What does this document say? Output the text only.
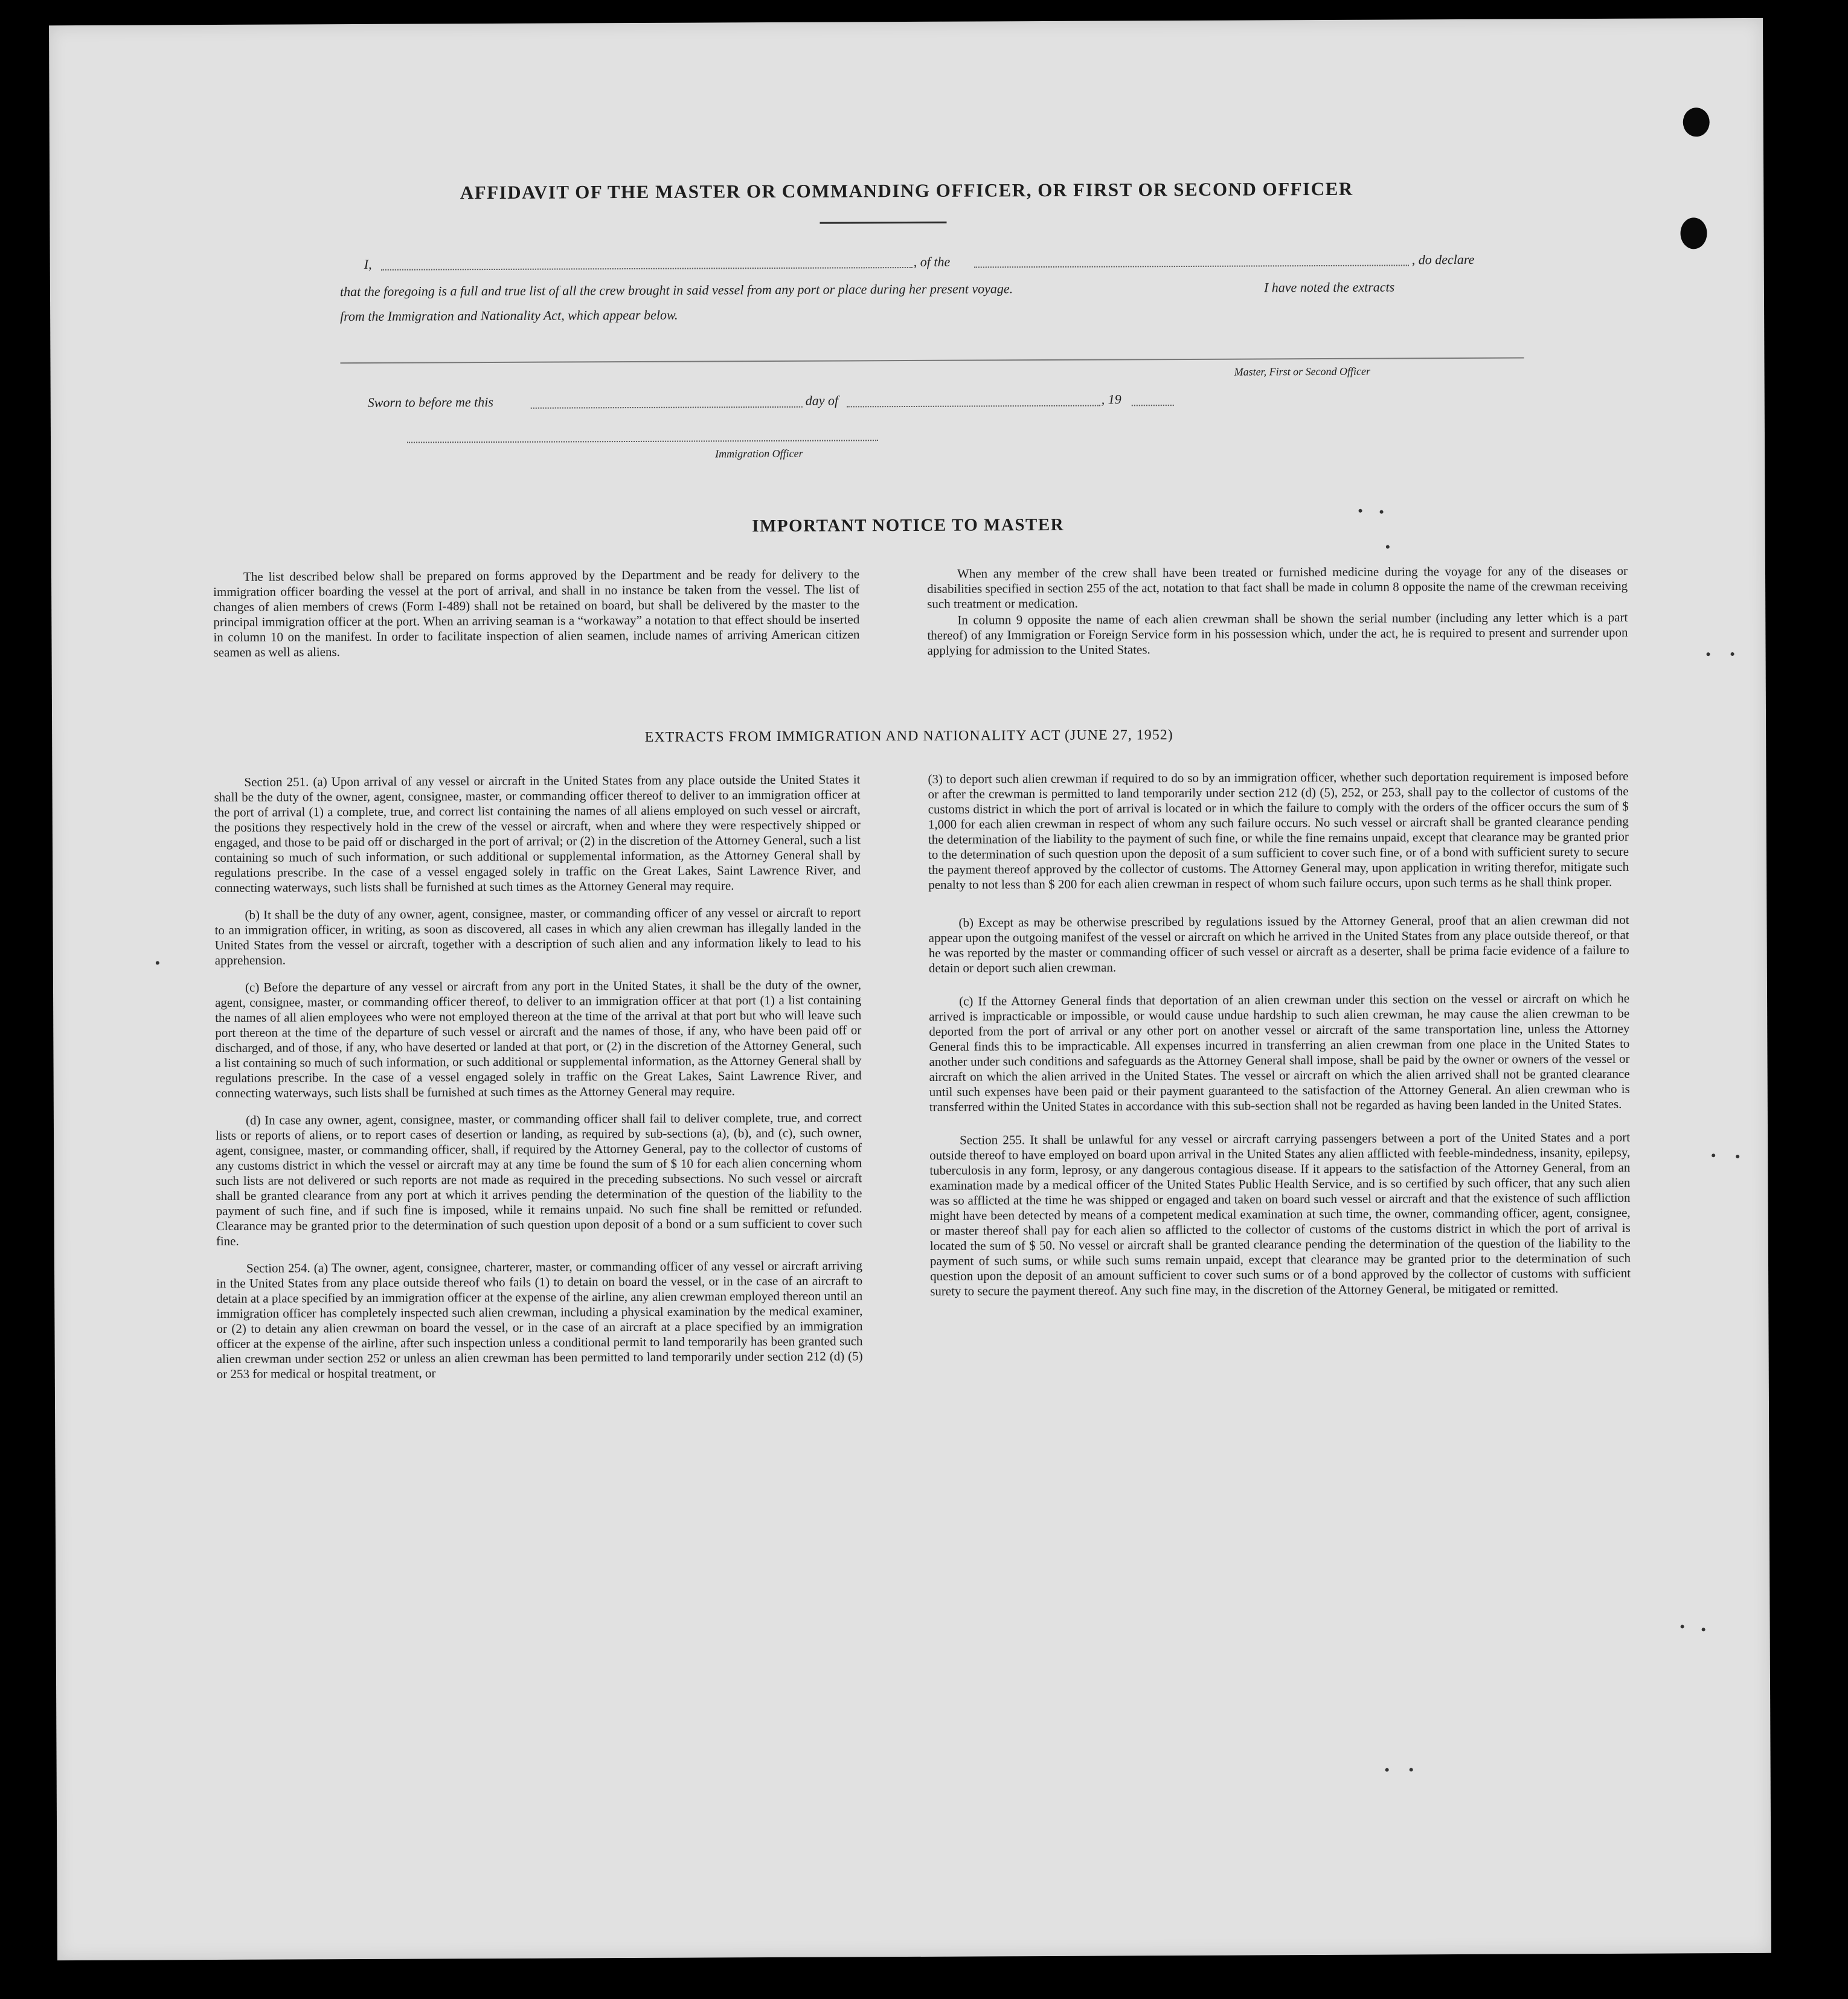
AFFIDAVIT OF THE MASTER OR COMMANDING OFFICER, OR FIRST OR SECOND OFFICER
I,	, of the	, do declare
that the foregoing is a full and true list of all the crew brought in said vessel from any port or place during her present voyage.	I have noted the extracts
from the Immigration and Nationality Act, which appear below.
Master, First or Second Officer
Sworn to before me this	day of	, 19
Immigration Officer
IMPORTANT NOTICE TO MASTER

The list described below shall be prepared on forms approved by the Department and be ready for delivery to the immigration officer boarding the vessel at the port of arrival, and shall in no instance be taken from the vessel. The list of changes of alien members of crews (Form I-489) shall not be retained on board, but shall be delivered by the master to the principal immigration officer at the port. When an arriving seaman is a “workaway” a notation to that effect should be inserted in column 10 on the manifest. In order to facilitate inspection of alien seamen, include names of arriving American citizen seamen as well as aliens.

When any member of the crew shall have been treated or furnished medicine during the voyage for any of the diseases or disabilities specified in section 255 of the act, notation to that fact shall be made in column 8 opposite the name of the crewman receiving such treatment or medication.

In column 9 opposite the name of each alien crewman shall be shown the serial number (including any letter which is a part thereof) of any Immigration or Foreign Service form in his possession which, under the act, he is required to present and surrender upon applying for admission to the United States.

EXTRACTS FROM IMMIGRATION AND NATIONALITY ACT (JUNE 27, 1952)

Section 251. (a) Upon arrival of any vessel or aircraft in the United States from any place outside the United States it shall be the duty of the owner, agent, consignee, master, or commanding officer thereof to deliver to an immigration officer at the port of arrival (1) a complete, true, and correct list containing the names of all aliens employed on such vessel or aircraft, the positions they respectively hold in the crew of the vessel or aircraft, when and where they were respectively shipped or engaged, and those to be paid off or discharged in the port of arrival; or (2) in the discretion of the Attorney General, such a list containing so much of such information, or such additional or supplemental information, as the Attorney General shall by regulations prescribe. In the case of a vessel engaged solely in traffic on the Great Lakes, Saint Lawrence River, and connecting waterways, such lists shall be furnished at such times as the Attorney General may require.

(b) It shall be the duty of any owner, agent, consignee, master, or commanding officer of any vessel or aircraft to report to an immigration officer, in writing, as soon as discovered, all cases in which any alien crewman has illegally landed in the United States from the vessel or aircraft, together with a description of such alien and any information likely to lead to his apprehension.

(c) Before the departure of any vessel or aircraft from any port in the United States, it shall be the duty of the owner, agent, consignee, master, or commanding officer thereof, to deliver to an immigration officer at that port (1) a list containing the names of all alien employees who were not employed thereon at the time of the arrival at that port but who will leave such port thereon at the time of the departure of such vessel or aircraft and the names of those, if any, who have been paid off or discharged, and of those, if any, who have deserted or landed at that port, or (2) in the discretion of the Attorney General, such a list containing so much of such information, or such additional or supplemental information, as the Attorney General shall by regulations prescribe. In the case of a vessel engaged solely in traffic on the Great Lakes, Saint Lawrence River, and connecting waterways, such lists shall be furnished at such times as the Attorney General may require.

(d) In case any owner, agent, consignee, master, or commanding officer shall fail to deliver complete, true, and correct lists or reports of aliens, or to report cases of desertion or landing, as required by sub-sections (a), (b), and (c), such owner, agent, consignee, master, or commanding officer, shall, if required by the Attorney General, pay to the collector of customs of any customs district in which the vessel or aircraft may at any time be found the sum of $ 10 for each alien concerning whom such lists are not delivered or such reports are not made as required in the preceding subsections. No such vessel or aircraft shall be granted clearance from any port at which it arrives pending the determination of the question of the liability to the payment of such fine, and if such fine is imposed, while it remains unpaid. No such fine shall be remitted or refunded. Clearance may be granted prior to the determination of such question upon deposit of a bond or a sum sufficient to cover such fine.

Section 254. (a) The owner, agent, consignee, charterer, master, or commanding officer of any vessel or aircraft arriving in the United States from any place outside thereof who fails (1) to detain on board the vessel, or in the case of an aircraft to detain at a place specified by an immigration officer at the expense of the airline, any alien crewman employed thereon until an immigration officer has completely inspected such alien crewman, including a physical examination by the medical examiner, or (2) to detain any alien crewman on board the vessel, or in the case of an aircraft at a place specified by an immigration officer at the expense of the airline, after such inspection unless a conditional permit to land temporarily has been granted such alien crewman under section 252 or unless an alien crewman has been permitted to land temporarily under section 212 (d) (5) or 253 for medical or hospital treatment, or

(3) to deport such alien crewman if required to do so by an immigration officer, whether such deportation requirement is imposed before or after the crewman is permitted to land temporarily under section 212 (d) (5), 252, or 253, shall pay to the collector of customs of the customs district in which the port of arrival is located or in which the failure to comply with the orders of the officer occurs the sum of $ 1,000 for each alien crewman in respect of whom any such failure occurs. No such vessel or aircraft shall be granted clearance pending the determination of the liability to the payment of such fine, or while the fine remains unpaid, except that clearance may be granted prior to the determination of such question upon the deposit of a sum sufficient to cover such fine, or of a bond with sufficient surety to secure the payment thereof approved by the collector of customs. The Attorney General may, upon application in writing therefor, mitigate such penalty to not less than $ 200 for each alien crewman in respect of whom such failure occurs, upon such terms as he shall think proper.

(b) Except as may be otherwise prescribed by regulations issued by the Attorney General, proof that an alien crewman did not appear upon the outgoing manifest of the vessel or aircraft on which he arrived in the United States from any place outside thereof, or that he was reported by the master or commanding officer of such vessel or aircraft as a deserter, shall be prima facie evidence of a failure to detain or deport such alien crewman.

(c) If the Attorney General finds that deportation of an alien crewman under this section on the vessel or aircraft on which he arrived is impracticable or impossible, or would cause undue hardship to such alien crewman, he may cause the alien crewman to be deported from the port of arrival or any other port on another vessel or aircraft of the same transportation line, unless the Attorney General finds this to be impracticable. All expenses incurred in transferring an alien crewman from one place in the United States to another under such conditions and safeguards as the Attorney General shall impose, shall be paid by the owner or owners of the vessel or aircraft on which the alien arrived in the United States. The vessel or aircraft on which the alien arrived shall not be granted clearance until such expenses have been paid or their payment guaranteed to the satisfaction of the Attorney General. An alien crewman who is transferred within the United States in accordance with this sub-section shall not be regarded as having been landed in the United States.

Section 255. It shall be unlawful for any vessel or aircraft carrying passengers between a port of the United States and a port outside thereof to have employed on board upon arrival in the United States any alien afflicted with feeble-mindedness, insanity, epilepsy, tuberculosis in any form, leprosy, or any dangerous contagious disease. If it appears to the satisfaction of the Attorney General, from an examination made by a medical officer of the United States Public Health Service, and is so certified by such officer, that any such alien was so afflicted at the time he was shipped or engaged and taken on board such vessel or aircraft and that the existence of such affliction might have been detected by means of a competent medical examination at such time, the owner, commanding officer, agent, consignee, or master thereof shall pay for each alien so afflicted to the collector of customs of the customs district in which the port of arrival is located the sum of $ 50. No vessel or aircraft shall be granted clearance pending the determination of the question of the liability to the payment of such sums, or while such sums remain unpaid, except that clearance may be granted prior to the determination of such question upon the deposit of an amount sufficient to cover such sums or of a bond approved by the collector of customs with sufficient surety to secure the payment thereof. Any such fine may, in the discretion of the Attorney General, be mitigated or remitted.
